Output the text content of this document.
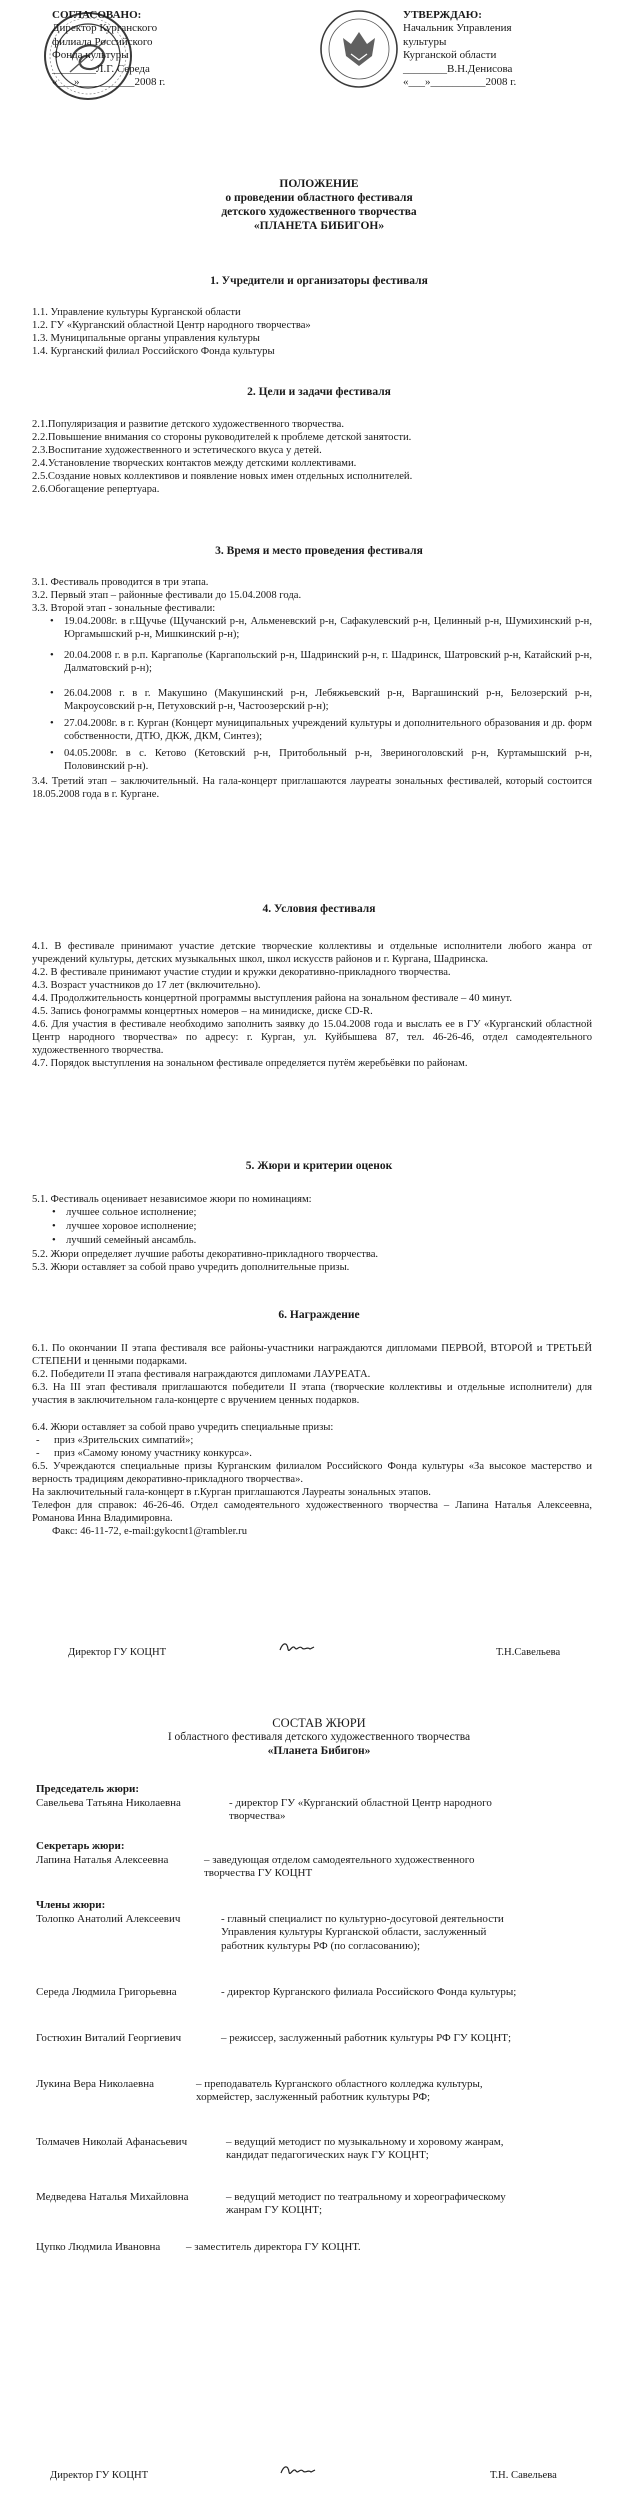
СОГЛАСОВАНО:
Директор Курганского
филиала Российского
Фонда культуры
________Л.Г. Середа
«___»__________2008 г.
УТВЕРЖДАЮ:
Начальник Управления
культуры
Курганской области
________В.Н.Денисова
«___»__________2008 г.
ПОЛОЖЕНИЕ
о проведении областного фестиваля
детского художественного творчества
«ПЛАНЕТА БИБИГОН»
1. Учредители и организаторы фестиваля
1.1. Управление культуры Курганской области
1.2. ГУ «Курганский областной Центр народного творчества»
1.3. Муниципальные органы управления культуры
1.4. Курганский филиал Российского Фонда культуры
2. Цели и задачи фестиваля
2.1.Популяризация и развитие детского художественного творчества.
2.2.Повышение внимания со стороны руководителей к проблеме детской занятости.
2.3.Воспитание художественного и эстетического вкуса у детей.
2.4.Установление творческих контактов между детскими коллективами.
2.5.Создание новых коллективов и появление новых имен отдельных исполнителей.
2.6.Обогащение репертуара.
3. Время и место проведения фестиваля
3.1. Фестиваль проводится в три этапа.
3.2. Первый этап – районные фестивали до 15.04.2008 года.
3.3. Второй этап - зональные фестивали:
• 19.04.2008г. в г.Щучье (Щучанский р-н, Альменевский р-н, Сафакулевский р-н, Целинный р-н, Шумихинский р-н, Юргамышский р-н, Мишкинский р-н);
• 20.04.2008 г. в р.п. Каргаполье (Каргапольский р-н, Шадринский р-н, г. Шадринск, Шатровский р-н, Катайский р-н, Далматовский р-н);
• 26.04.2008 г. в г. Макушино (Макушинский р-н, Лебяжьевский р-н, Варгашинский р-н, Белозерский р-н, Макроусовский р-н, Петуховский р-н, Частоозерский р-н);
• 27.04.2008г. в г. Курган (Концерт муниципальных учреждений культуры и дополнительного образования и др. форм собственности, ДТЮ, ДКЖ, ДКМ, Синтез);
• 04.05.2008г. в с. Кетово (Кетовский р-н, Притобольный р-н, Звериноголовский р-н, Куртамышский р-н, Половинский р-н).
3.4. Третий этап – заключительный. На гала-концерт приглашаются лауреаты зональных фестивалей, который состоится 18.05.2008 года в г. Кургане.
4. Условия фестиваля
4.1. В фестивале принимают участие детские творческие коллективы и отдельные исполнители любого жанра от учреждений культуры, детских музыкальных школ, школ искусств районов и г. Кургана, Шадринска.
4.2. В фестивале принимают участие студии и кружки декоративно-прикладного творчества.
4.3. Возраст участников до 17 лет (включительно).
4.4. Продолжительность концертной программы выступления района на зональном фестивале – 40 минут.
4.5. Запись фонограммы концертных номеров – на минидиске, диске CD-R.
4.6. Для участия в фестивале необходимо заполнить заявку до 15.04.2008 года и выслать ее в ГУ «Курганский областной Центр народного творчества» по адресу: г. Курган, ул. Куйбышева 87, тел. 46-26-46, отдел самодеятельного художественного творчества.
4.7. Порядок выступления на зональном фестивале определяется путём жеребьёвки по районам.
5. Жюри и критерии оценок
5.1. Фестиваль оценивает независимое жюри по номинациям:
• лучшее сольное исполнение;
• лучшее хоровое исполнение;
• лучший семейный ансамбль.
5.2. Жюри определяет лучшие работы декоративно-прикладного творчества.
5.3. Жюри оставляет за собой право учредить дополнительные призы.
6. Награждение
6.1. По окончании II этапа фестиваля все районы-участники награждаются дипломами ПЕРВОЙ, ВТОРОЙ и ТРЕТЬЕЙ СТЕПЕНИ и ценными подарками.
6.2. Победители II этапа фестиваля награждаются дипломами ЛАУРЕАТА.
6.3. На III этап фестиваля приглашаются победители II этапа (творческие коллективы и отдельные исполнители) для участия в заключительном гала-концерте с вручением ценных подарков.
6.4. Жюри оставляет за собой право учредить специальные призы:
- приз «Зрительских симпатий»;
- приз «Самому юному участнику конкурса».
6.5. Учреждаются специальные призы Курганским филиалом Российского Фонда культуры «За высокое мастерство и верность традициям декоративно-прикладного творчества».
На заключительный гала-концерт в г.Курган приглашаются Лауреаты зональных этапов.
Телефон для справок: 46-26-46. Отдел самодеятельного художественного творчества – Лапина Наталья Алексеевна, Романова Инна Владимировна.
Факс: 46-11-72, e-mail:gykocnt1@rambler.ru
Директор ГУ КОЦНТ	Т.Н.Савельева
СОСТАВ ЖЮРИ
I областного фестиваля детского художественного творчества
«Планета Бибигон»
Председатель жюри:
Савельева Татьяна Николаевна	- директор ГУ «Курганский областной Центр народного творчества»
Секретарь жюри:
Лапина Наталья Алексеевна	– заведующая отделом самодеятельного художественного творчества ГУ КОЦНТ
Члены жюри:
Толопко Анатолий Алексеевич	- главный специалист по культурно-досуговой деятельности Управления культуры Курганской области, заслуженный работник культуры РФ (по согласованию);
Середа Людмила Григорьевна	- директор Курганского филиала Российского Фонда культуры;
Гостюхин Виталий Георгиевич	– режиссер, заслуженный работник культуры РФ ГУ КОЦНТ;
Лукина Вера Николаевна	– преподаватель Курганского областного колледжа культуры, хормейстер, заслуженный работник культуры РФ;
Толмачев Николай Афанасьевич	– ведущий методист по музыкальному и хоровому жанрам, кандидат педагогических наук ГУ КОЦНТ;
Медведева Наталья Михайловна	– ведущий методист по театральному и хореографическому жанрам ГУ КОЦНТ;
Цупко Людмила Ивановна – заместитель директора ГУ КОЦНТ.
Директор ГУ КОЦНТ	Т.Н. Савельева
